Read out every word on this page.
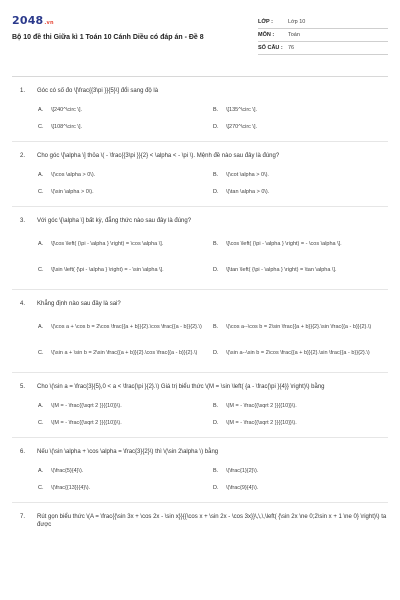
2048.vn
Bộ 10 đề thi Giữa kì 1 Toán 10 Cánh Diều có đáp án - Đề 8
LỚP :	Lớp 10
MÔN :	Toán
SỐ CÂU : 76
1.	Góc có số đo \[\frac{{3\pi }}{5}\] đổi sang độ là
A.	\[240^\circ \].	B.	\[135^\circ \].
C.	\[108^\circ \].	D.	\[270^\circ \].
2.	Cho góc \[\alpha \] thỏa \( - \frac{{3\pi }}{2} < \alpha < - \pi \). Mệnh đề nào sau đây là đúng?
A.	\(\cos \alpha > 0\).	B.	\(\cot \alpha > 0\).
C.	\(\sin \alpha > 0\).	D.	\(\tan \alpha > 0\).
3.	Với góc \[\alpha \] bất kỳ, đẳng thức nào sau đây là đúng?
A.	\[\cos \left( {\pi - \alpha } \right) = \cos \alpha \].	B.	\[\cos \left( {\pi - \alpha } \right) = - \cos \alpha \].
C.	\[\sin \left( {\pi - \alpha } \right) = - \sin \alpha \].	D.	\[\tan \left( {\pi - \alpha } \right) = \tan \alpha \].
4.	Khẳng định nào sau đây là sai?
A.	\(\cos a + \cos b = 2\cos \frac{{a + b}}{2}.\cos \frac{{a - b}}{2}.\)	B.	\(\cos a--\cos b = 2\sin \frac{{a + b}}{2}.\sin \frac{{a - b}}{2}.\)
C.	\(\sin a + \sin b = 2\sin \frac{{a + b}}{2}.\cos \frac{{a - b}}{2}.\)	D.	\(\sin a--\sin b = 2\cos \frac{{a + b}}{2}.\sin \frac{{a - b}}{2}.\)
5.	Cho \(\sin a = \frac{3}{5},0 < a < \frac{\pi }{2}.\) Giá trị biểu thức \(M = \sin \left( {a - \frac{\pi }{4}} \right)\) bằng
A.	\(M = - \frac{{\sqrt 2 }}{{10}}\).	B.	\(M = - \frac{{\sqrt 2 }}{{10}}\).
C.	\(M = - \frac{{\sqrt 2 }}{{10}}\).	D.	\(M = - \frac{{\sqrt 2 }}{{10}}\).
6.	Nếu \(\sin \alpha + \cos \alpha = \frac{3}{2}\) thì \(\sin 2\alpha \) bằng
A.	\(\frac{5}{4}\).	B.	\(\frac{1}{2}\).
C.	\(\frac{{13}}{4}\).	D.	\(\frac{9}{4}\).
7.	Rút gọn biểu thức \(A = \frac{{\sin 3x + \cos 2x - \sin x}}{{\cos x + \sin 2x - \cos 3x}}\,\,\,\left( {\sin 2x \ne 0;2\sin x + 1 \ne 0} \right)\) ta được
